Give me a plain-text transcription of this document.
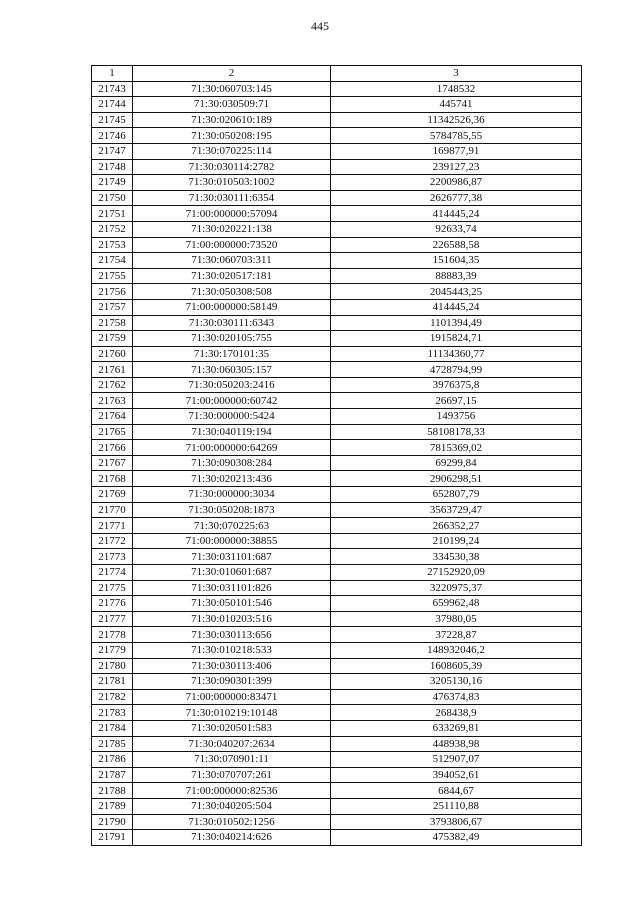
445
1	2	3
21743	71:30:060703:145	1748532
21744	71:30:030509:71	445741
21745	71:30:020610:189	11342526,36
21746	71:30:050208:195	5784785,55
21747	71:30:070225:114	169877,91
21748	71:30:030114:2782	239127,23
21749	71:30:010503:1002	2200986,87
21750	71:30:030111:6354	2626777,38
21751	71:00:000000:57094	414445,24
21752	71:30:020221:138	92633,74
21753	71:00:000000:73520	226588,58
21754	71:30:060703:311	151604,35
21755	71:30:020517:181	88883,39
21756	71:30:050308:508	2045443,25
21757	71:00:000000:58149	414445,24
21758	71:30:030111:6343	1101394,49
21759	71:30:020105:755	1915824,71
21760	71:30:170101:35	11134360,77
21761	71:30:060305:157	4728794,99
21762	71:30:050203:2416	3976375,8
21763	71:00:000000:60742	26697,15
21764	71:30:000000:5424	1493756
21765	71:30:040119:194	58108178,33
21766	71:00:000000:64269	7815369,02
21767	71:30:090308:284	69299,84
21768	71:30:020213:436	2906298,51
21769	71:30:000000:3034	652807,79
21770	71:30:050208:1873	3563729,47
21771	71:30:070225:63	266352,27
21772	71:00:000000:38855	210199,24
21773	71:30:031101:687	334530,38
21774	71:30:010601:687	27152920,09
21775	71:30:031101:826	3220975,37
21776	71:30:050101:546	659962,48
21777	71:30:010203:516	37980,05
21778	71:30:030113:656	37228,87
21779	71:30:010218:533	148932046,2
21780	71:30:030113:406	1608605,39
21781	71:30:090301:399	3205130,16
21782	71:00:000000:83471	476374,83
21783	71:30:010219:10148	268438,9
21784	71:30:020501:583	633269,81
21785	71:30:040207:2634	448938,98
21786	71:30:070901:11	512907,07
21787	71:30:070707:261	394052,61
21788	71:00:000000:82536	6844,67
21789	71:30:040205:504	251110,88
21790	71:30:010502:1256	3793806,67
21791	71:30:040214:626	475382,49
